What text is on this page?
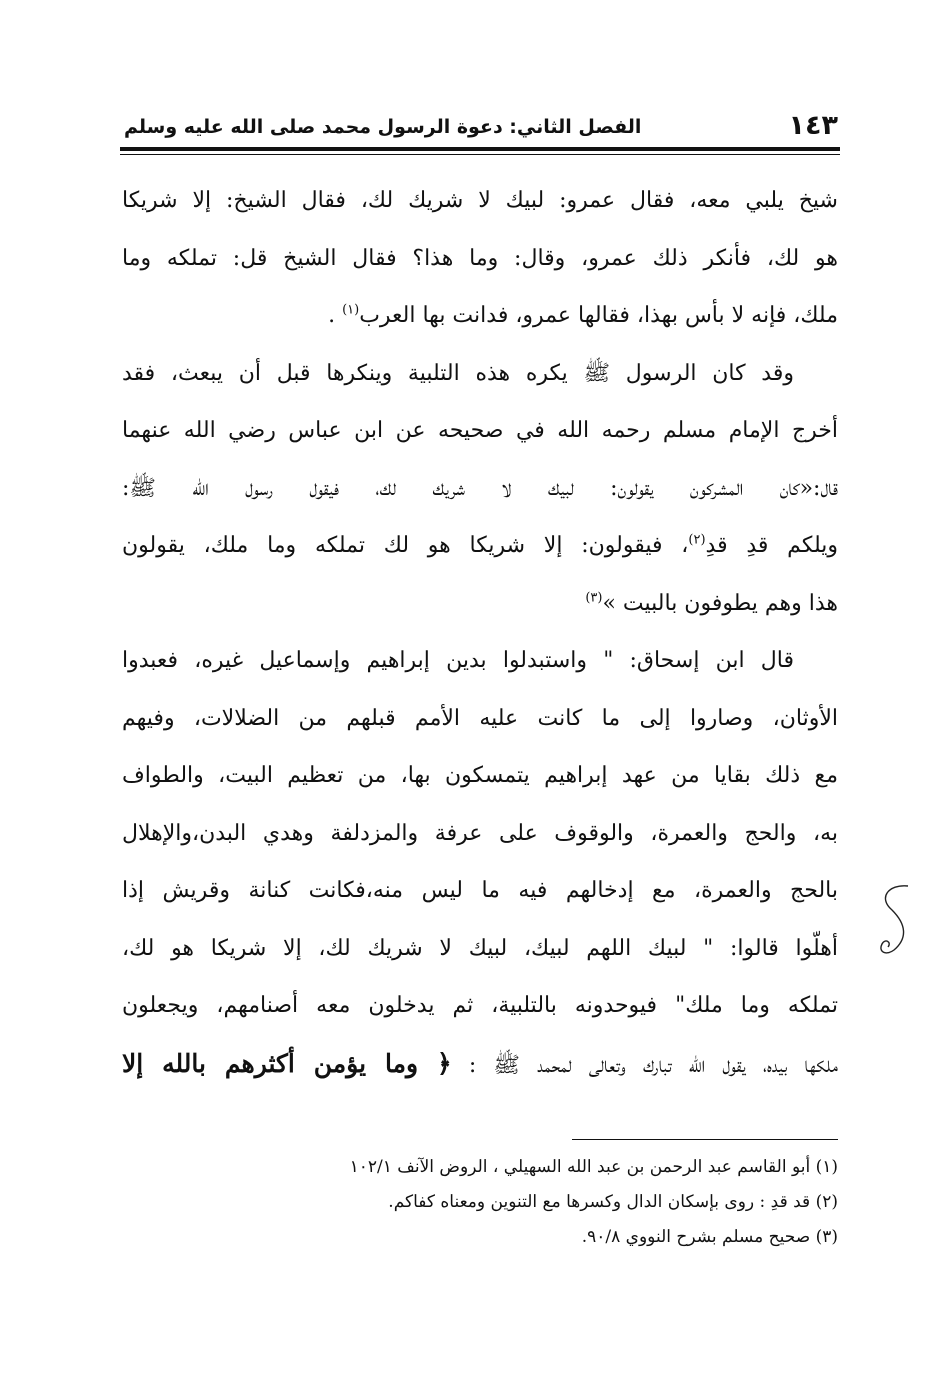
١٤٣
الفصل الثاني: دعوة الرسول محمد صلى الله عليه وسلم
شيخ يلبي معه، فقال عمرو: لبيك لا شريك لك، فقال الشيخ: إلا شريكا
هو لك، فأنكر ذلك عمرو، وقال: وما هذا؟ فقال الشيخ قل: تملكه وما
ملك، فإنه لا بأس بهذا، فقالها عمرو، فدانت بها العرب$^{(١)}$ .
وقد كان الرسول ﷺ يكره هذه التلبية وينكرها قبل أن يبعث، فقد
أخرج الإمام مسلم رحمه الله في صحيحه عن ابن عباس رضي الله عنهما
قال:«كان المشركون يقولون: لبيك لا شريك لك، فيقول رسول الله ﷺ:
ويلكم قدِ قدِ$^{(٢)}$، فيقولون: إلا شريكا هو لك تملكه وما ملك، يقولون
هذا وهم يطوفون بالبيت »$^{(٣)}$
قال ابن إسحاق: " واستبدلوا بدين إبراهيم وإسماعيل غيره، فعبدوا
الأوثان، وصاروا إلى ما كانت عليه الأمم قبلهم من الضلالات، وفيهم
مع ذلك بقايا من عهد إبراهيم يتمسكون بها، من تعظيم البيت، والطواف
به، والحج والعمرة، والوقوف على عرفة والمزدلفة وهدي البدن،والإهلال
بالحج والعمرة، مع إدخالهم فيه ما ليس منه،فكانت كنانة وقريش إذا
أهلّوا قالوا: " لبيك اللهم لبيك، لبيك لا شريك لك، إلا شريكا هو لك،
تملكه وما ملك" فيوحدونه بالتلبية، ثم يدخلون معه أصنامهم، ويجعلون
ملكها بيده، يقول الله تبارك وتعالى لمحمد ﷺ : ﴿ وما يؤمن أكثرهم بالله إلا
(١) أبو القاسم عبد الرحمن بن عبد الله السهيلي ، الروض الآنف ١٠٢/١
(٢) قد قدِ : روى بإسكان الدال وكسرها مع التنوين ومعناه كفاكم.
(٣) صحيح مسلم بشرح النووي ٩٠/٨.
